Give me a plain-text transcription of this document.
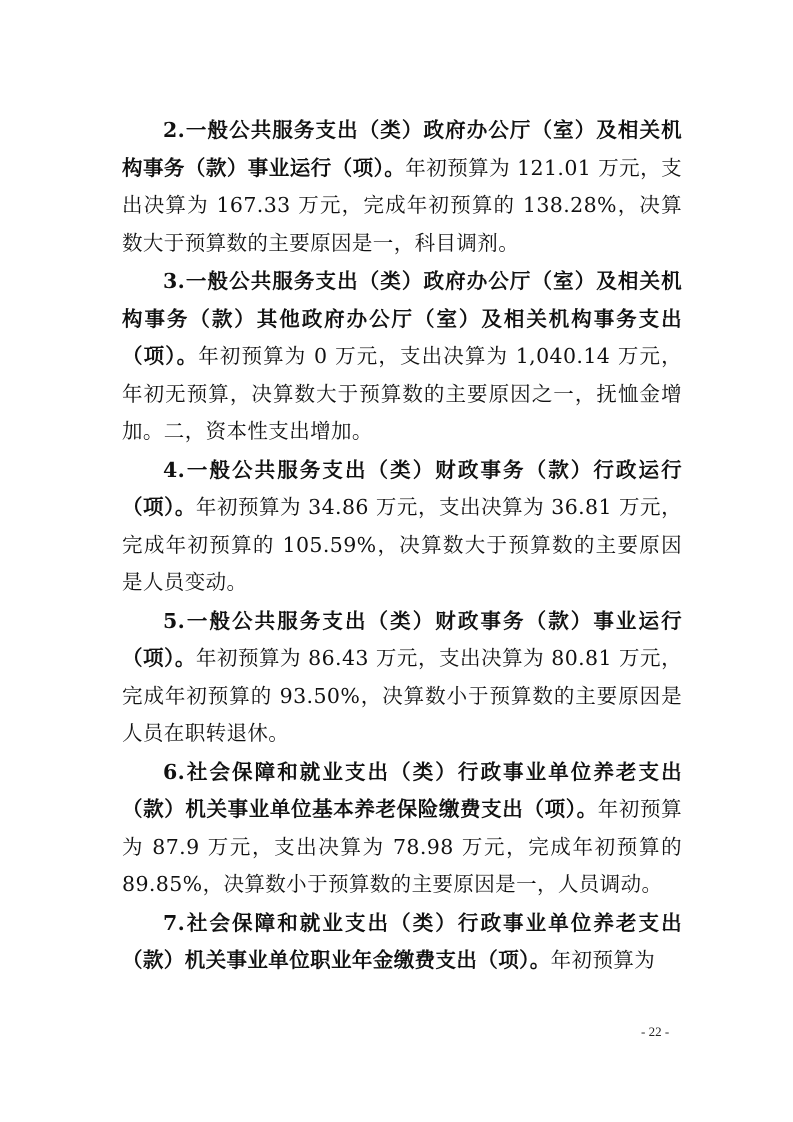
2.一般公共服务支出（类）政府办公厅（室）及相关机构事务（款）事业运行（项）。年初预算为 121.01 万元，支出决算为 167.33 万元，完成年初预算的 138.28%，决算数大于预算数的主要原因是一，科目调剂。

3.一般公共服务支出（类）政府办公厅（室）及相关机构事务（款）其他政府办公厅（室）及相关机构事务支出（项）。年初预算为 0 万元，支出决算为 1,040.14 万元，年初无预算，决算数大于预算数的主要原因之一，抚恤金增加。二，资本性支出增加。

4.一般公共服务支出（类）财政事务（款）行政运行（项）。年初预算为 34.86 万元，支出决算为 36.81 万元，完成年初预算的 105.59%，决算数大于预算数的主要原因是人员变动。

5.一般公共服务支出（类）财政事务（款）事业运行（项）。年初预算为 86.43 万元，支出决算为 80.81 万元，完成年初预算的 93.50%，决算数小于预算数的主要原因是人员在职转退休。

6.社会保障和就业支出（类）行政事业单位养老支出（款）机关事业单位基本养老保险缴费支出（项）。年初预算为 87.9 万元，支出决算为 78.98 万元，完成年初预算的 89.85%，决算数小于预算数的主要原因是一，人员调动。

7.社会保障和就业支出（类）行政事业单位养老支出（款）机关事业单位职业年金缴费支出（项）。年初预算为

- 22 -
